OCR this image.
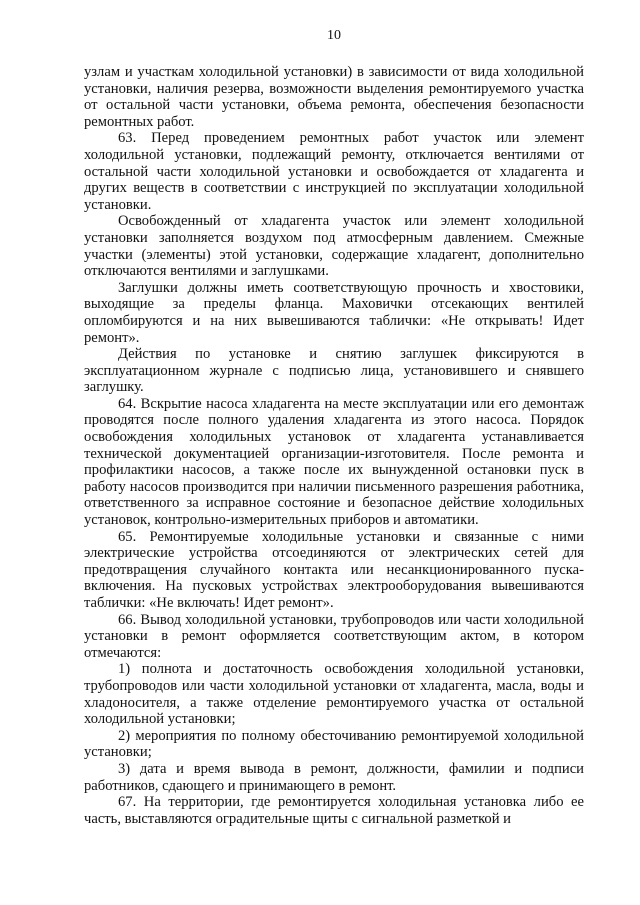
10

узлам и участкам холодильной установки) в зависимости от вида холодильной установки, наличия резерва, возможности выделения ремонтируемого участка от остальной части установки, объема ремонта, обеспечения безопасности ремонтных работ.

63. Перед проведением ремонтных работ участок или элемент холодильной установки, подлежащий ремонту, отключается вентилями от остальной части холодильной установки и освобождается от хладагента и других веществ в соответствии с инструкцией по эксплуатации холодильной установки.

Освобожденный от хладагента участок или элемент холодильной установки заполняется воздухом под атмосферным давлением. Смежные участки (элементы) этой установки, содержащие хладагент, дополнительно отключаются вентилями и заглушками.

Заглушки должны иметь соответствующую прочность и хвостовики, выходящие за пределы фланца. Маховички отсекающих вентилей опломбируются и на них вывешиваются таблички: «Не открывать! Идет ремонт».

Действия по установке и снятию заглушек фиксируются в эксплуатационном журнале с подписью лица, установившего и снявшего заглушку.

64. Вскрытие насоса хладагента на месте эксплуатации или его демонтаж проводятся после полного удаления хладагента из этого насоса. Порядок освобождения холодильных установок от хладагента устанавливается технической документацией организации-изготовителя. После ремонта и профилактики насосов, а также после их вынужденной остановки пуск в работу насосов производится при наличии письменного разрешения работника, ответственного за исправное состояние и безопасное действие холодильных установок, контрольно-измерительных приборов и автоматики.

65. Ремонтируемые холодильные установки и связанные с ними электрические устройства отсоединяются от электрических сетей для предотвращения случайного контакта или несанкционированного пуска-включения. На пусковых устройствах электрооборудования вывешиваются таблички: «Не включать! Идет ремонт».

66. Вывод холодильной установки, трубопроводов или части холодильной установки в ремонт оформляется соответствующим актом, в котором отмечаются:

1) полнота и достаточность освобождения холодильной установки, трубопроводов или части холодильной установки от хладагента, масла, воды и хладоносителя, а также отделение ремонтируемого участка от остальной холодильной установки;

2) мероприятия по полному обесточиванию ремонтируемой холодильной установки;

3) дата и время вывода в ремонт, должности, фамилии и подписи работников, сдающего и принимающего в ремонт.

67. На территории, где ремонтируется холодильная установка либо ее часть, выставляются оградительные щиты с сигнальной разметкой и
